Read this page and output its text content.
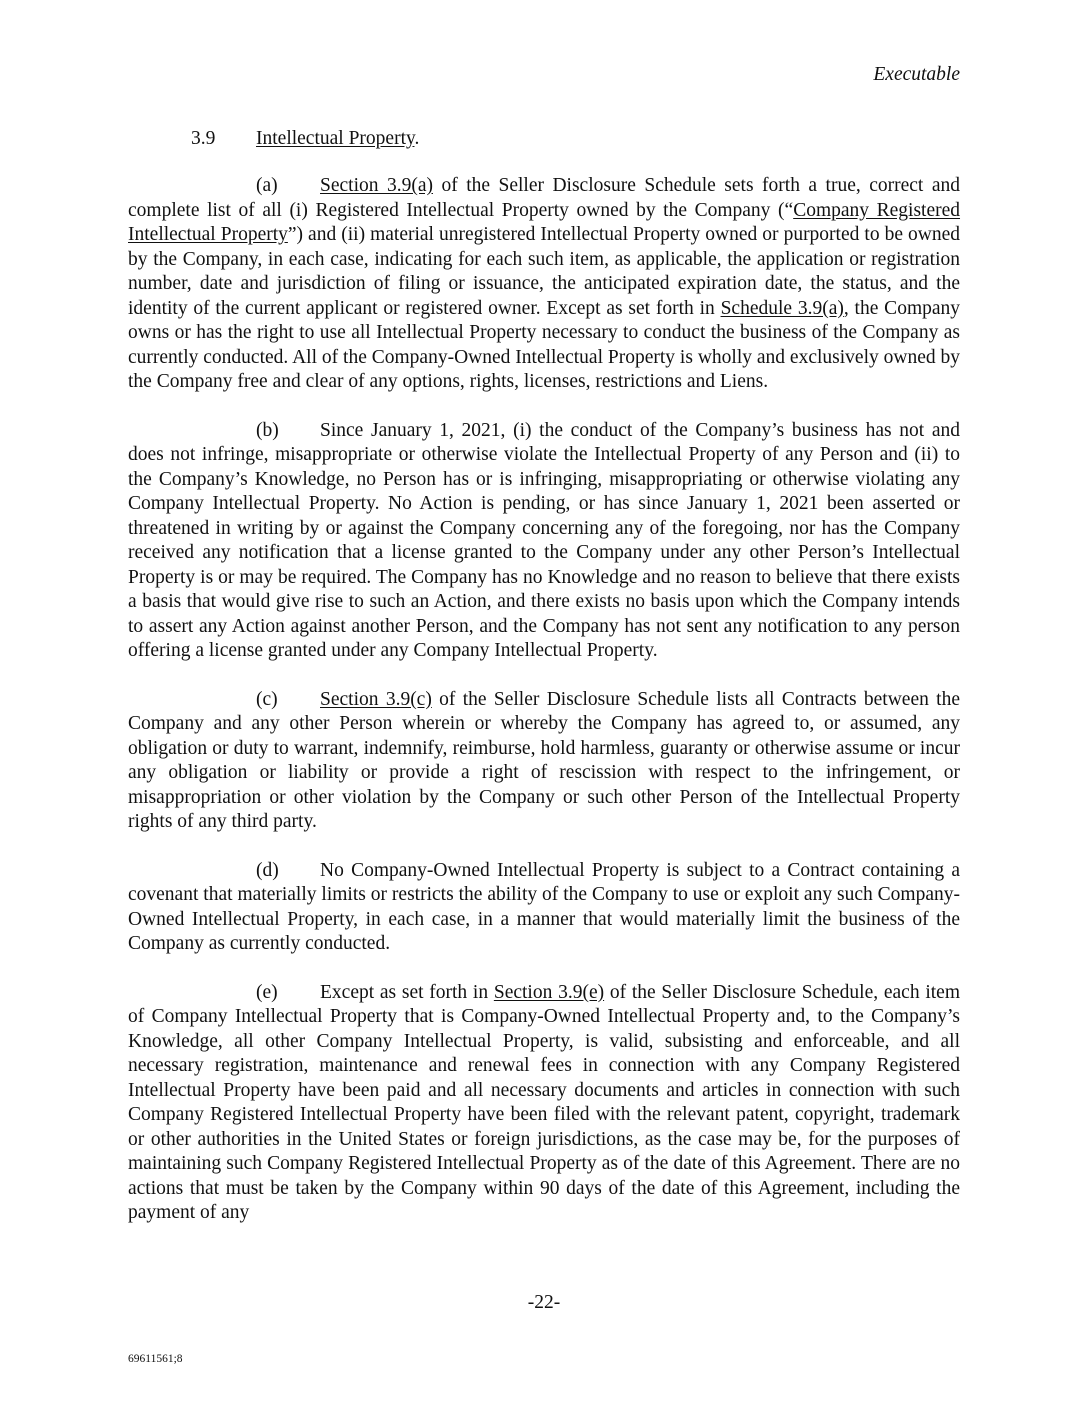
Executable
3.9 Intellectual Property.

(a) Section 3.9(a) of the Seller Disclosure Schedule sets forth a true, correct and complete list of all (i) Registered Intellectual Property owned by the Company (“Company Registered Intellectual Property”) and (ii) material unregistered Intellectual Property owned or purported to be owned by the Company, in each case, indicating for each such item, as applicable, the application or registration number, date and jurisdiction of filing or issuance, the anticipated expiration date, the status, and the identity of the current applicant or registered owner. Except as set forth in Schedule 3.9(a), the Company owns or has the right to use all Intellectual Property necessary to conduct the business of the Company as currently conducted. All of the Company-Owned Intellectual Property is wholly and exclusively owned by the Company free and clear of any options, rights, licenses, restrictions and Liens.

(b) Since January 1, 2021, (i) the conduct of the Company’s business has not and does not infringe, misappropriate or otherwise violate the Intellectual Property of any Person and (ii) to the Company’s Knowledge, no Person has or is infringing, misappropriating or otherwise violating any Company Intellectual Property. No Action is pending, or has since January 1, 2021 been asserted or threatened in writing by or against the Company concerning any of the foregoing, nor has the Company received any notification that a license granted to the Company under any other Person’s Intellectual Property is or may be required. The Company has no Knowledge and no reason to believe that there exists a basis that would give rise to such an Action, and there exists no basis upon which the Company intends to assert any Action against another Person, and the Company has not sent any notification to any person offering a license granted under any Company Intellectual Property.

(c) Section 3.9(c) of the Seller Disclosure Schedule lists all Contracts between the Company and any other Person wherein or whereby the Company has agreed to, or assumed, any obligation or duty to warrant, indemnify, reimburse, hold harmless, guaranty or otherwise assume or incur any obligation or liability or provide a right of rescission with respect to the infringement, or misappropriation or other violation by the Company or such other Person of the Intellectual Property rights of any third party.

(d) No Company-Owned Intellectual Property is subject to a Contract containing a covenant that materially limits or restricts the ability of the Company to use or exploit any such Company-Owned Intellectual Property, in each case, in a manner that would materially limit the business of the Company as currently conducted.

(e) Except as set forth in Section 3.9(e) of the Seller Disclosure Schedule, each item of Company Intellectual Property that is Company-Owned Intellectual Property and, to the Company’s Knowledge, all other Company Intellectual Property, is valid, subsisting and enforceable, and all necessary registration, maintenance and renewal fees in connection with any Company Registered Intellectual Property have been paid and all necessary documents and articles in connection with such Company Registered Intellectual Property have been filed with the relevant patent, copyright, trademark or other authorities in the United States or foreign jurisdictions, as the case may be, for the purposes of maintaining such Company Registered Intellectual Property as of the date of this Agreement. There are no actions that must be taken by the Company within 90 days of the date of this Agreement, including the payment of any

-22-
69611561;8
